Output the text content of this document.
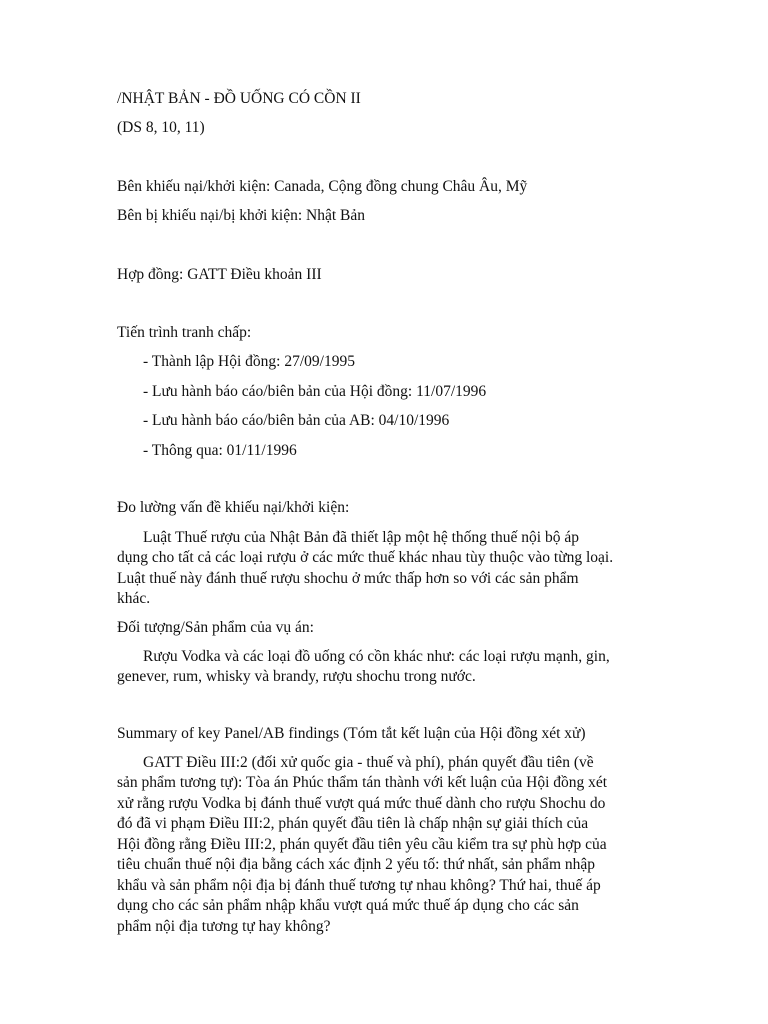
/NHẬT BẢN - ĐỒ UỐNG CÓ CỒN II
(DS 8, 10, 11)
Bên khiếu nại/khởi kiện: Canada, Cộng đồng chung Châu Âu, Mỹ
Bên bị khiếu nại/bị khởi kiện: Nhật Bản
Hợp đồng: GATT Điều khoản III
Tiến trình tranh chấp:
- Thành lập Hội đồng: 27/09/1995
- Lưu hành báo cáo/biên bản của Hội đồng: 11/07/1996
- Lưu hành báo cáo/biên bản của AB: 04/10/1996
- Thông qua: 01/11/1996
Đo lường vấn đề khiếu nại/khởi kiện:
Luật Thuế rượu của Nhật Bản đã thiết lập một hệ thống thuế nội bộ áp
dụng cho tất cả các loại rượu ở các mức thuế khác nhau tùy thuộc vào từng loại.
Luật thuế này đánh thuế rượu shochu ở mức thấp hơn so với các sản phẩm
khác.
Đối tượng/Sản phẩm của vụ án:
Rượu Vodka và các loại đồ uống có cồn khác như: các loại rượu mạnh, gin,
genever, rum, whisky và brandy, rượu shochu trong nước.
Summary of key Panel/AB findings (Tóm tắt kết luận của Hội đồng xét xử)
GATT Điều III:2 (đối xử quốc gia - thuế và phí), phán quyết đầu tiên (về
sản phẩm tương tự): Tòa án Phúc thẩm tán thành với kết luận của Hội đồng xét
xử rằng rượu Vodka bị đánh thuế vượt quá mức thuế dành cho rượu Shochu do
đó đã vi phạm Điều III:2, phán quyết đầu tiên là chấp nhận sự giải thích của
Hội đồng rằng Điều III:2, phán quyết đầu tiên yêu cầu kiểm tra sự phù hợp của
tiêu chuẩn thuế nội địa bằng cách xác định 2 yếu tố: thứ nhất, sản phẩm nhập
khẩu và sản phẩm nội địa bị đánh thuế tương tự nhau không? Thứ hai, thuế áp
dụng cho các sản phẩm nhập khẩu vượt quá mức thuế áp dụng cho các sản
phẩm nội địa tương tự hay không?
